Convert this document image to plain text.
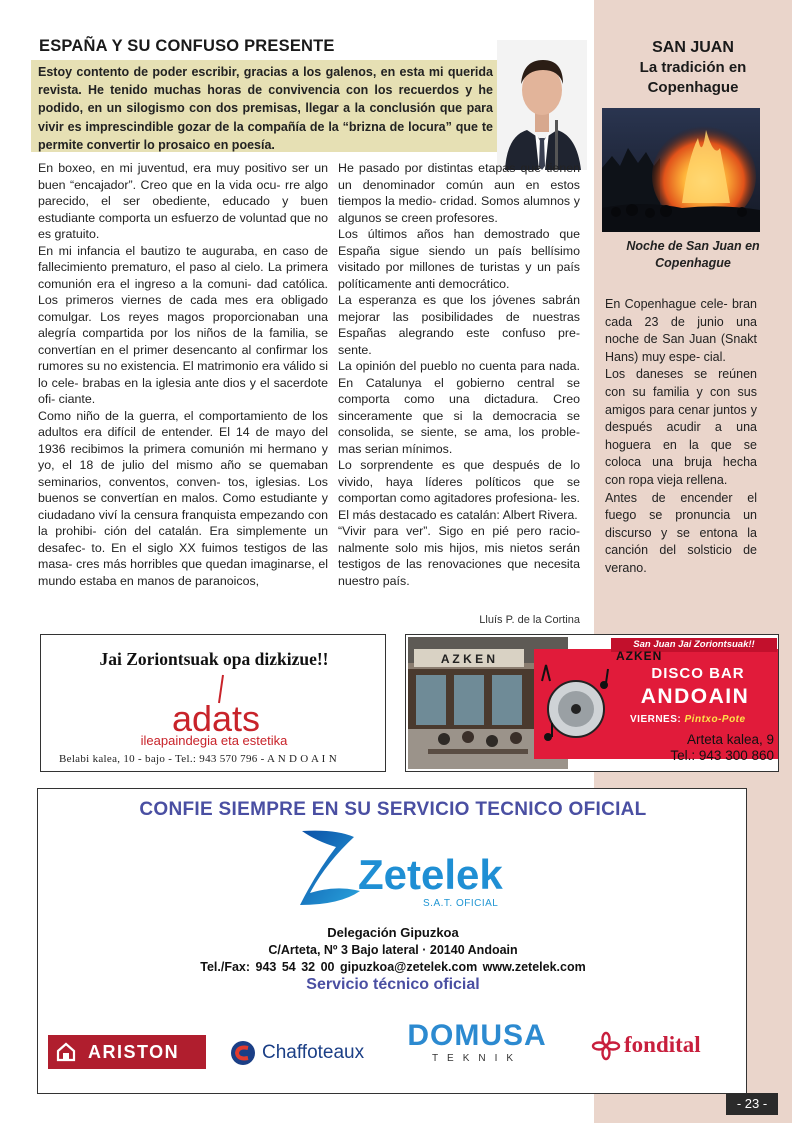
SAN JUAN
La tradición en
Copenhague
Noche de San Juan en
Copenhague

En Copenhague cele- bran cada 23 de junio una noche de San Juan (Snakt Hans) muy espe- cial.

Los daneses se reúnen con su familia y con sus amigos para cenar juntos y después acudir a una hoguera en la que se coloca una bruja hecha con ropa vieja rellena.

Antes de encender el fuego se pronuncia un discurso y se entona la canción del solsticio de verano.

ESPAÑA Y SU CONFUSO PRESENTE
Estoy contento de poder escribir, gracias a los galenos, en esta mi querida revista. He tenido muchas horas de convivencia con los recuerdos y he podido, en un silogismo con dos premisas, llegar a la conclusión que para vivir es imprescindible gozar de la compañía de la “brizna de locura” que te permite convertir lo prosaico en poesía.

En boxeo, en mi juventud, era muy positivo ser un buen “encajador”. Creo que en la vida ocu- rre algo parecido, el ser obediente, educado y buen estudiante comporta un esfuerzo de voluntad que no es gratuito.

En mi infancia el bautizo te auguraba, en caso de fallecimiento prematuro, el paso al cielo. La primera comunión era el ingreso a la comuni- dad católica. Los primeros viernes de cada mes era obligado comulgar. Los reyes magos proporcionaban una alegría compartida por los niños de la familia, se convertían en el primer desencanto al confirmar los rumores su no existencia. El matrimonio era válido si lo cele- brabas en la iglesia ante dios y el sacerdote ofi- ciante.

Como niño de la guerra, el comportamiento de los adultos era difícil de entender. El 14 de mayo del 1936 recibimos la primera comunión mi hermano y yo, el 18 de julio del mismo año se quemaban seminarios, conventos, conven- tos, iglesias. Los buenos se convertían en malos. Como estudiante y ciudadano viví la censura franquista empezando con la prohibi- ción del catalán. Era simplemente un desafec- to. En el siglo XX fuimos testigos de las masa- cres más horribles que quedan imaginarse, el mundo estaba en manos de paranoicos,

He pasado por distintas etapas que tienen un denominador común aun en estos tiempos la medio- cridad. Somos alumnos y algunos se creen profesores.

Los últimos años han demostrado que España sigue siendo un país bellísimo visitado por millones de turistas y un país políticamente anti democrático.

La esperanza es que los jóvenes sabrán mejorar las posibilidades de nuestras Españas alegrando este confuso pre- sente.

La opinión del pueblo no cuenta para nada. En Catalunya el gobierno central se comporta como una dictadura. Creo sinceramente que si la democracia se consolida, se siente, se ama, los proble- mas serian mínimos.

Lo sorprendente es que después de lo vivido, haya líderes políticos que se comportan como agitadores profesiona- les. El más destacado es catalán: Albert Rivera.

“Vivir para ver”. Sigo en pié pero racio- nalmente solo mis hijos, mis nietos serán testigos de las renovaciones que necesita nuestro país.

Lluís P. de la Cortina
Jai Zoriontsuak opa dizkizue!!
adats
ileapaindegia eta estetika
Belabi kalea, 10 - bajo - Tel.: 943 570 796 - A N D O A I N
A Z K E N
San Juan Jai Zoriontsuak!!
AZKEN
DISCO BAR
ANDOAIN
VIERNES: Pintxo-Pote
Arteta kalea, 9
Tel.: 943 300 860
CONFIE SIEMPRE EN SU SERVICIO TECNICO OFICIAL
Zetelek
S.A.T. OFICIAL
Delegación Gipuzkoa
C/Arteta, Nº 3 Bajo lateral · 20140 Andoain
Tel./Fax: 943 54 32 00 gipuzkoa@zetelek.com www.zetelek.com
Servicio técnico oficial
ARISTON	Chaffoteaux
DOMUSA
TEKNIK
fondital
- 23 -
